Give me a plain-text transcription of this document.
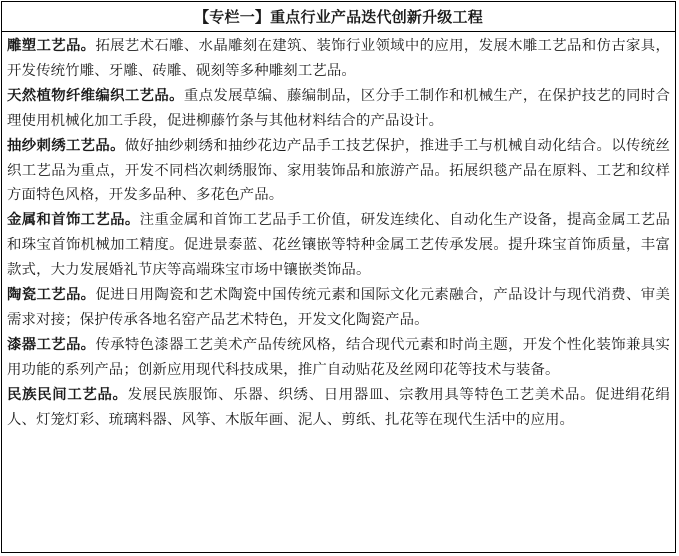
【专栏一】重点行业产品迭代创新升级工程

雕塑工艺品。拓展艺术石雕、水晶雕刻在建筑、装饰行业领域中的应用，发展木雕工艺品和仿古家具，开发传统竹雕、牙雕、砖雕、砚刻等多种雕刻工艺品。

天然植物纤维编织工艺品。重点发展草编、藤编制品，区分手工制作和机械生产，在保护技艺的同时合理使用机械化加工手段，促进柳藤竹条与其他材料结合的产品设计。

抽纱刺绣工艺品。做好抽纱刺绣和抽纱花边产品手工技艺保护，推进手工与机械自动化结合。以传统丝织工艺品为重点，开发不同档次刺绣服饰、家用装饰品和旅游产品。拓展织毯产品在原料、工艺和纹样方面特色风格，开发多品种、多花色产品。

金属和首饰工艺品。注重金属和首饰工艺品手工价值，研发连续化、自动化生产设备，提高金属工艺品和珠宝首饰机械加工精度。促进景泰蓝、花丝镶嵌等特种金属工艺传承发展。提升珠宝首饰质量，丰富款式，大力发展婚礼节庆等高端珠宝市场中镶嵌类饰品。

陶瓷工艺品。促进日用陶瓷和艺术陶瓷中国传统元素和国际文化元素融合，产品设计与现代消费、审美需求对接；保护传承各地名窑产品艺术特色，开发文化陶瓷产品。

漆器工艺品。传承特色漆器工艺美术产品传统风格，结合现代元素和时尚主题，开发个性化装饰兼具实用功能的系列产品；创新应用现代科技成果，推广自动贴花及丝网印花等技术与装备。

民族民间工艺品。发展民族服饰、乐器、织绣、日用器皿、宗教用具等特色工艺美术品。促进绢花绢人、灯笼灯彩、琉璃料器、风筝、木版年画、泥人、剪纸、扎花等在现代生活中的应用。
